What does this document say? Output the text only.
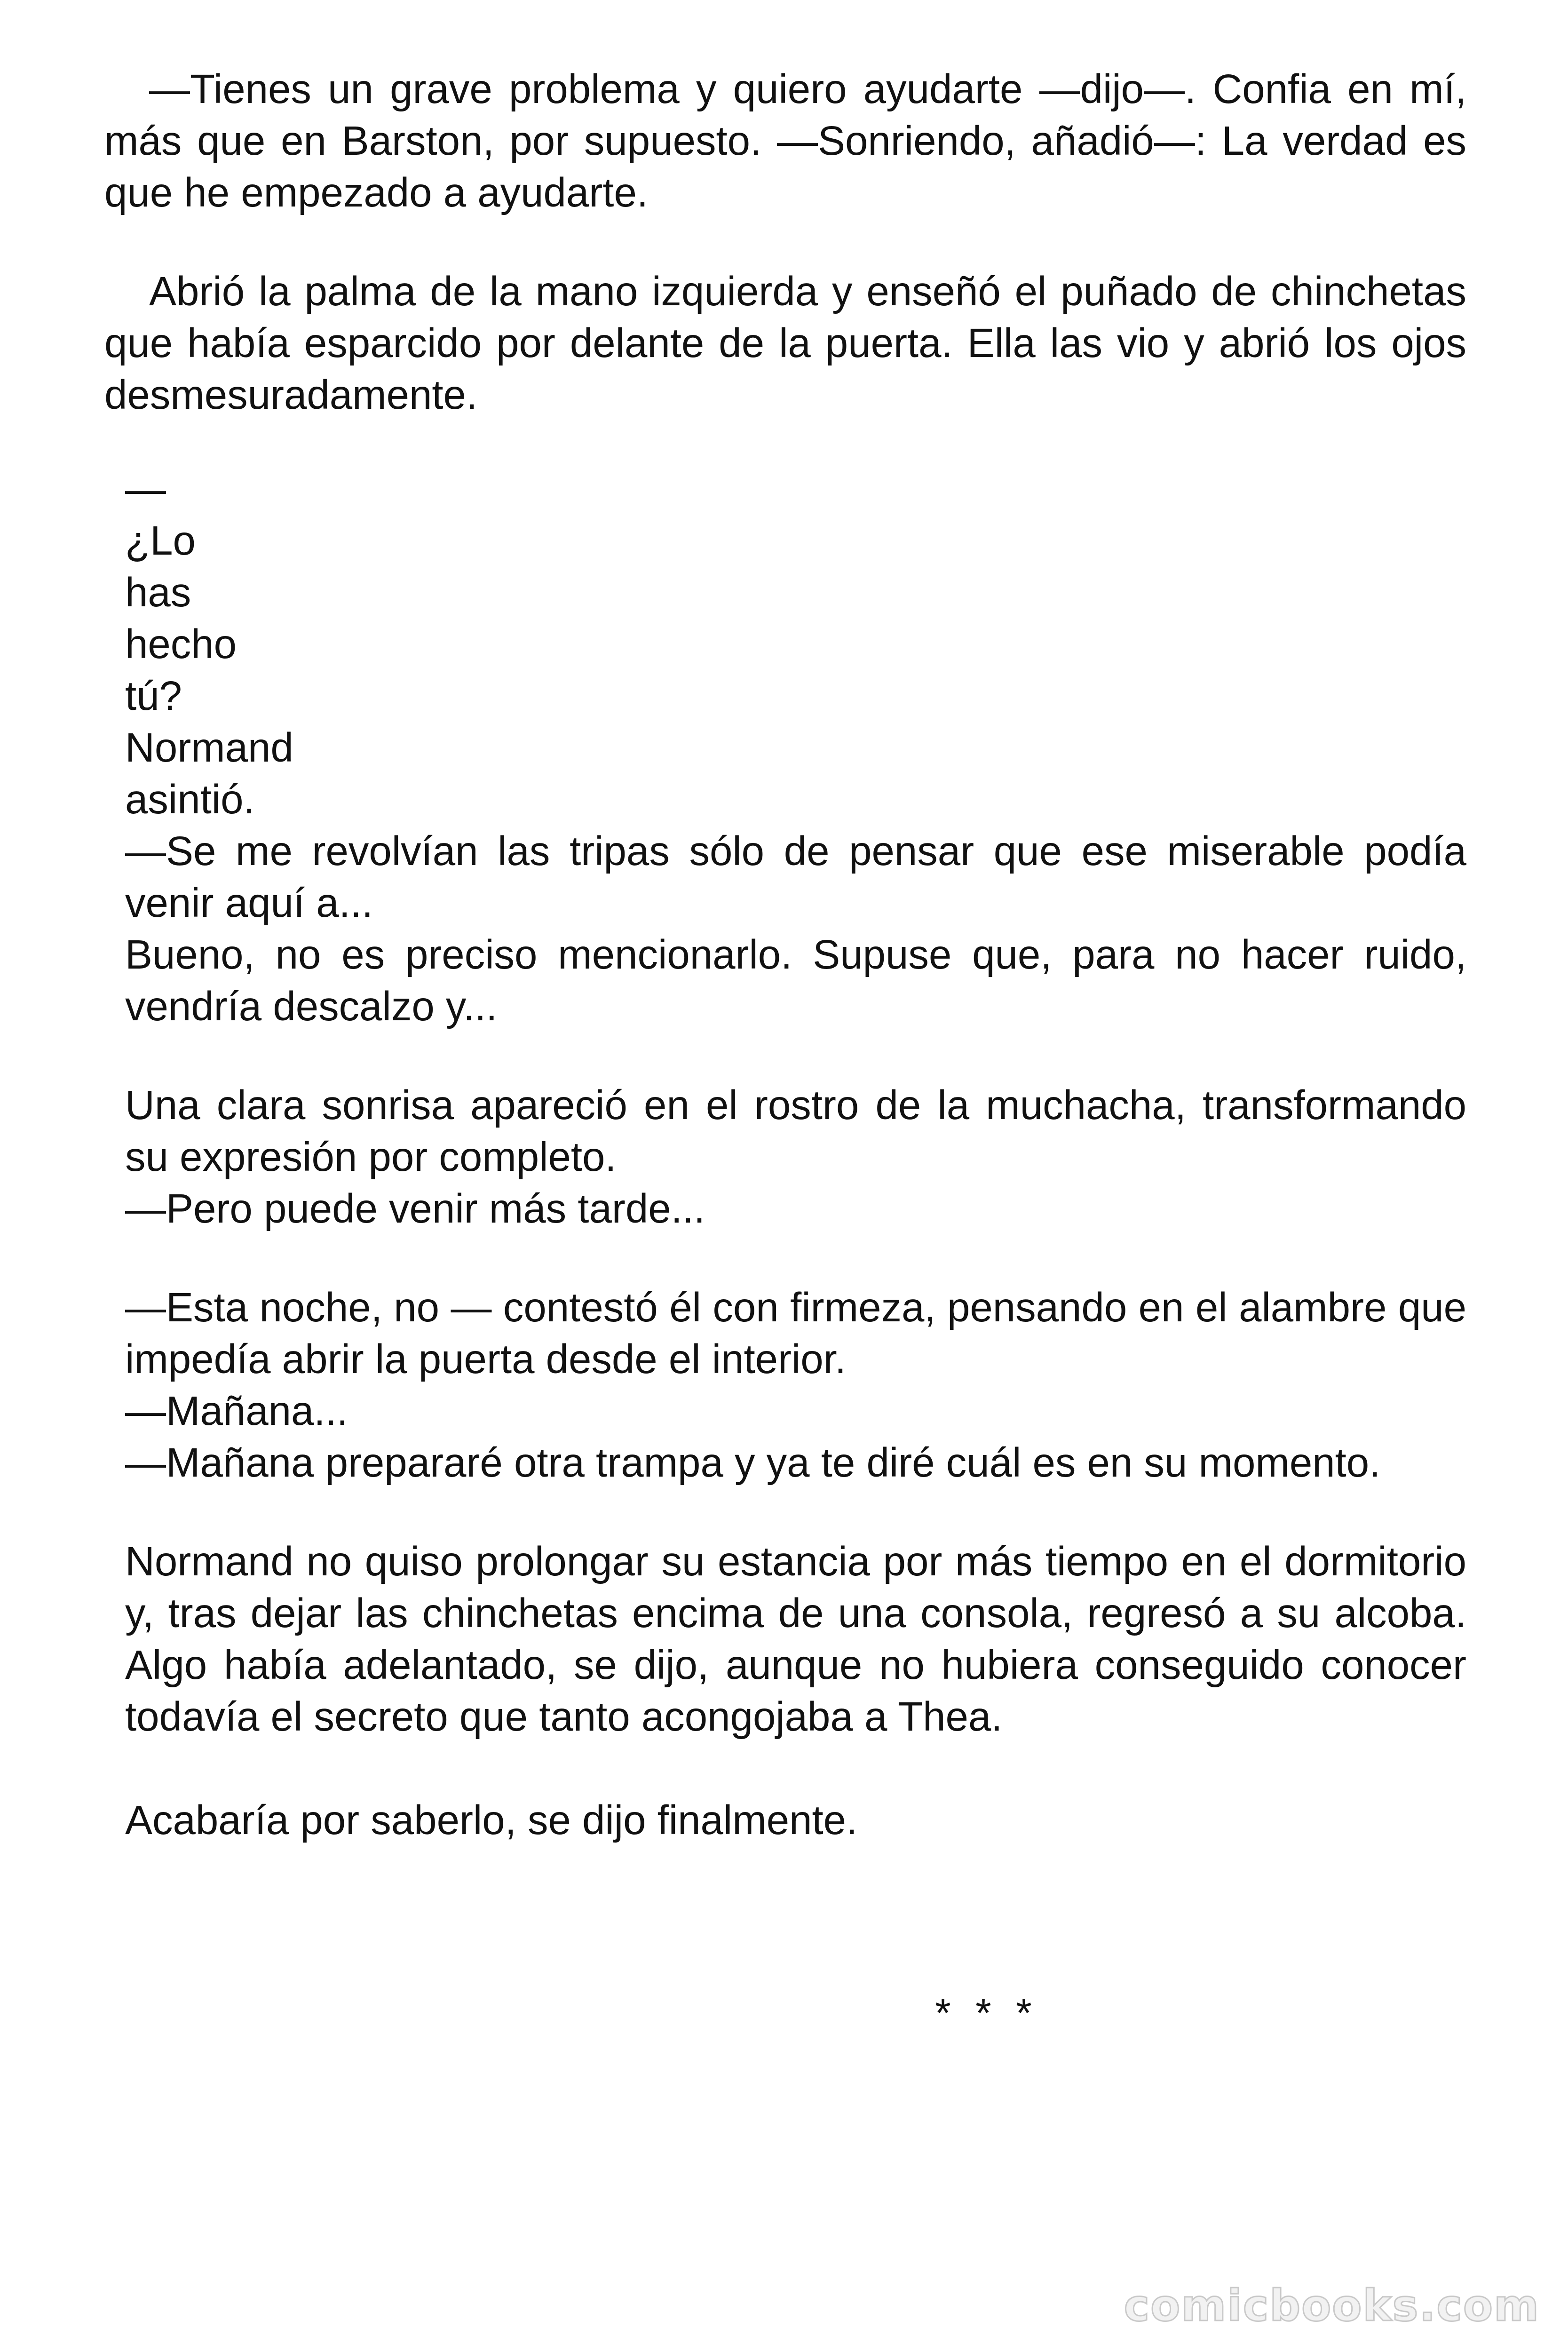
—Tienes un grave problema y quiero ayudarte —dijo—. Confia en mí, más que en Barston, por supuesto. —Sonriendo, añadió—: La verdad es que he empezado a ayudarte.

Abrió la palma de la mano izquierda y enseñó el puñado de chinchetas que había esparcido por delante de la puerta. Ella las vio y abrió los ojos desmesuradamente.

—
¿Lo
has
hecho
tú?
Normand
asintió.

—Se me revolvían las tripas sólo de pensar que ese miserable podía venir aquí a...

Bueno, no es preciso mencionarlo. Supuse que, para no hacer ruido, vendría descalzo y...

Una clara sonrisa apareció en el rostro de la muchacha, transformando su expresión por completo.

—Pero puede venir más tarde...

—Esta noche, no — contestó él con firmeza, pensando en el alambre que impedía abrir la puerta desde el interior.

—Mañana...

—Mañana prepararé otra trampa y ya te diré cuál es en su momento.

Normand no quiso prolongar su estancia por más tiempo en el dormitorio y, tras dejar las chinchetas encima de una consola, regresó a su alcoba. Algo había adelantado, se dijo, aunque no hubiera conseguido conocer todavía el secreto que tanto acongojaba a Thea.

Acabaría por saberlo, se dijo finalmente.

* * *
comicbooks.com
